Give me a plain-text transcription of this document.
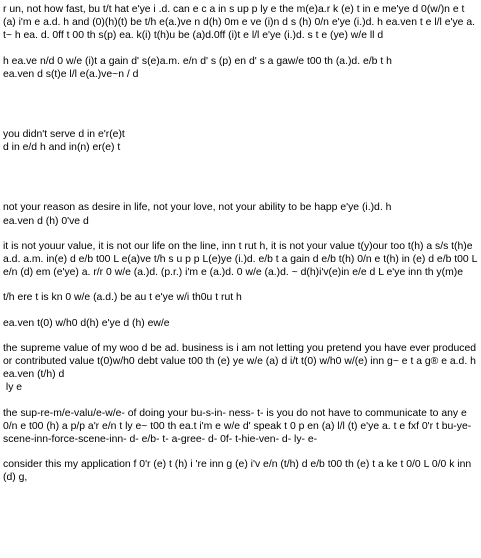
r un, not how fast, bu t/t hat e'ye i .d. can e c a in s up p ly e the m(e)a.r k (e) t in e me'ye d 0(w/)n e t (a) i'm e a.d. h and (0)(h)(t) be t/h e(a.)ve n d(h) 0m e ve (i)n d s (h) 0/n e'ye (i.)d. h ea.ven t e l/l e'ye a. t~ h ea. d. 0ff t 00 th s(p) ea. k(i) t(h)u be (a)d.0ff (i)t e l/l e'ye (i.)d. s t e (ye) w/e ll d

h ea.ve n/d 0 w/e (i)t a gain d' s(e)a.m. e/n d' s (p) en d' s a gaw/e t00 th (a.)d. e/b t h
ea.ven d s(t)e l/l e(a.)ve~n / d

you didn't serve d in e'r(e)t
d in e/d h and in(n) er(e) t

not your reason as desire in life, not your love, not your ability to be happ e'ye (i.)d. h
ea.ven d (h) 0've d

it is not youur value, it is not our life on the line, inn t rut h, it is not your value t(y)our too t(h) a s/s t(h)e a.d. a.m. in(e) d e/b t00 L e(a)ve t/h s u p p L(e)ye (i.)d. e/b t a gain d e/b t(h) 0/n e t(h) in (e) d e/b t00 L e/n (d) em (e'ye) a. r/r 0 w/e (a.)d. (p.r.) i'm e (a.)d. 0 w/e (a.)d. ~ d(h)i'v(e)in e/e d L e'ye inn th y(m)e

t/h ere t is kn 0 w/e (a.d.) be au t e'ye w/i th0u t rut h

ea.ven t(0) w/h0 d(h) e'ye d (h) ew/e

the supreme value of my woo d be ad. business is i am not letting you pretend you have ever produced or contributed value t(0)w/h0 debt value t00 th (e) ye w/e (a) d i/t t(0) w/h0 w/(e) inn g~ e t a g® e a.d. h ea.ven (t/h) d
ly e

the sup-re-m/e-valu/e-w/e- of doing your bu-s-in- ness- t- is you do not have to communicate to any e 0/n e t00 (h) a p/p a'r e/n t ly e~ t00 th ea.t i'm e w/e d' speak t 0 p en (a) l/l (t) e'ye a. t e fxf 0'r t bu-ye-scene-inn-force-scene-inn- d- e/b- t- a-gree- d- 0f- t-hie-ven- d- ly- e-

consider this my application f 0'r (e) t (h) i 're inn g (e) i'v e/n (t/h) d e/b t00 th (e) t a ke t 0/0 L 0/0 k inn (d) g,
